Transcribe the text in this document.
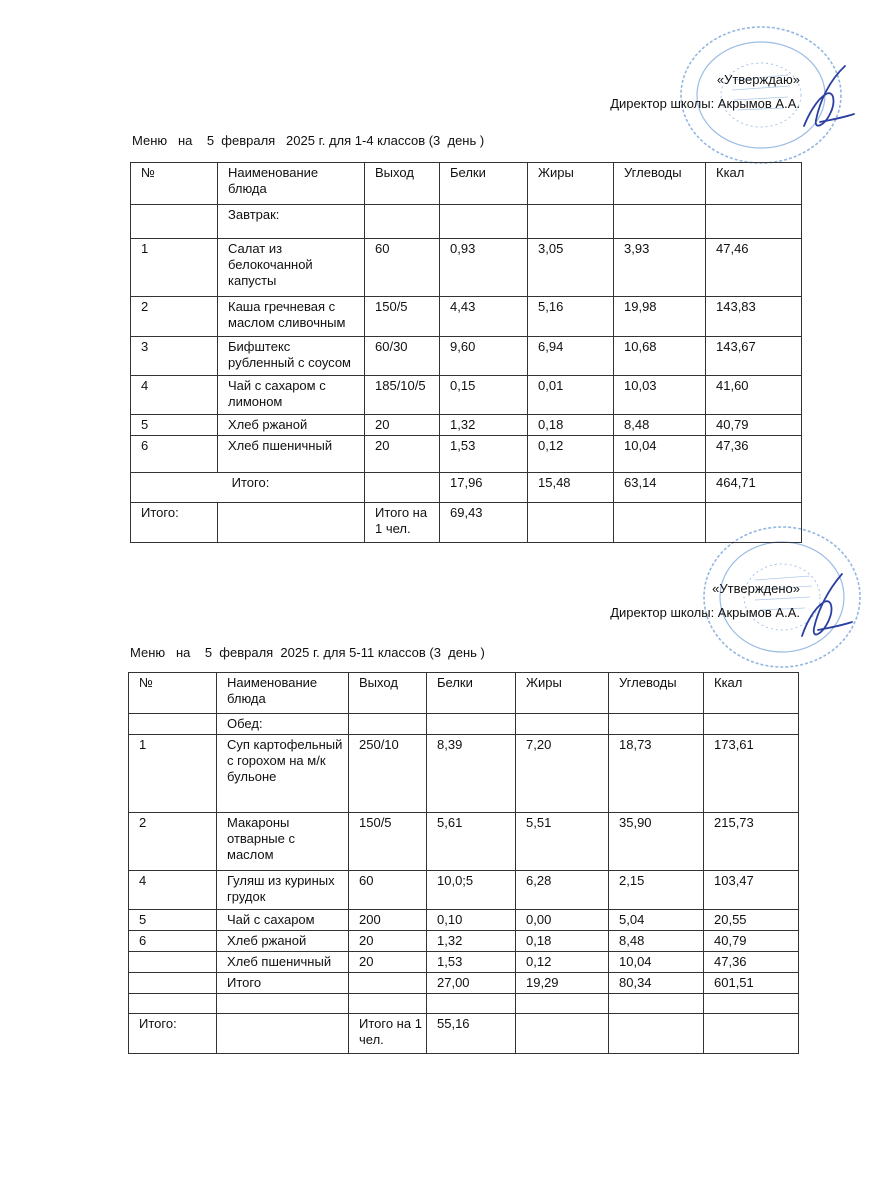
«Утверждаю»
Директор школы: Акрымов А.А.
Меню   на    5  февраля   2025 г. для 1-4 классов (3  день )
№	Наименование блюда	Выход	Белки	Жиры	Углеводы	Ккал
	Завтрак:					
1	Салат из белокочанной капусты	60	0,93	3,05	3,93	47,46
2	Каша гречневая с маслом сливочным	150/5	4,43	5,16	19,98	143,83
3	Бифштекс рубленный с соусом	60/30	9,60	6,94	10,68	143,67
4	Чай с сахаром с лимоном	185/10/5	0,15	0,01	10,03	41,60
5	Хлеб ржаной	20	1,32	0,18	8,48	40,79
6	Хлеб пшеничный	20	1,53	0,12	10,04	47,36
Итого:			17,96	15,48	63,14	464,71
Итого:		Итого на 1 чел.	69,43			
«Утверждено»
Директор школы: Акрымов А.А.
Меню   на    5  февраля  2025 г. для 5-11 классов (3  день )
№	Наименование блюда	Выход	Белки	Жиры	Углеводы	Ккал
	Обед:					
1	Суп картофельный с горохом на м/к бульоне	250/10	8,39	7,20	18,73	173,61
2	Макароны отварные с маслом	150/5	5,61	5,51	35,90	215,73
4	Гуляш из куриных грудок	60	10,0;5	6,28	2,15	103,47
5	Чай с сахаром	200	0,10	0,00	5,04	20,55
6	Хлеб ржаной	20	1,32	0,18	8,48	40,79
	Хлеб пшеничный	20	1,53	0,12	10,04	47,36
	Итого		27,00	19,29	80,34	601,51

Итого:		Итого на 1 чел.	55,16			
